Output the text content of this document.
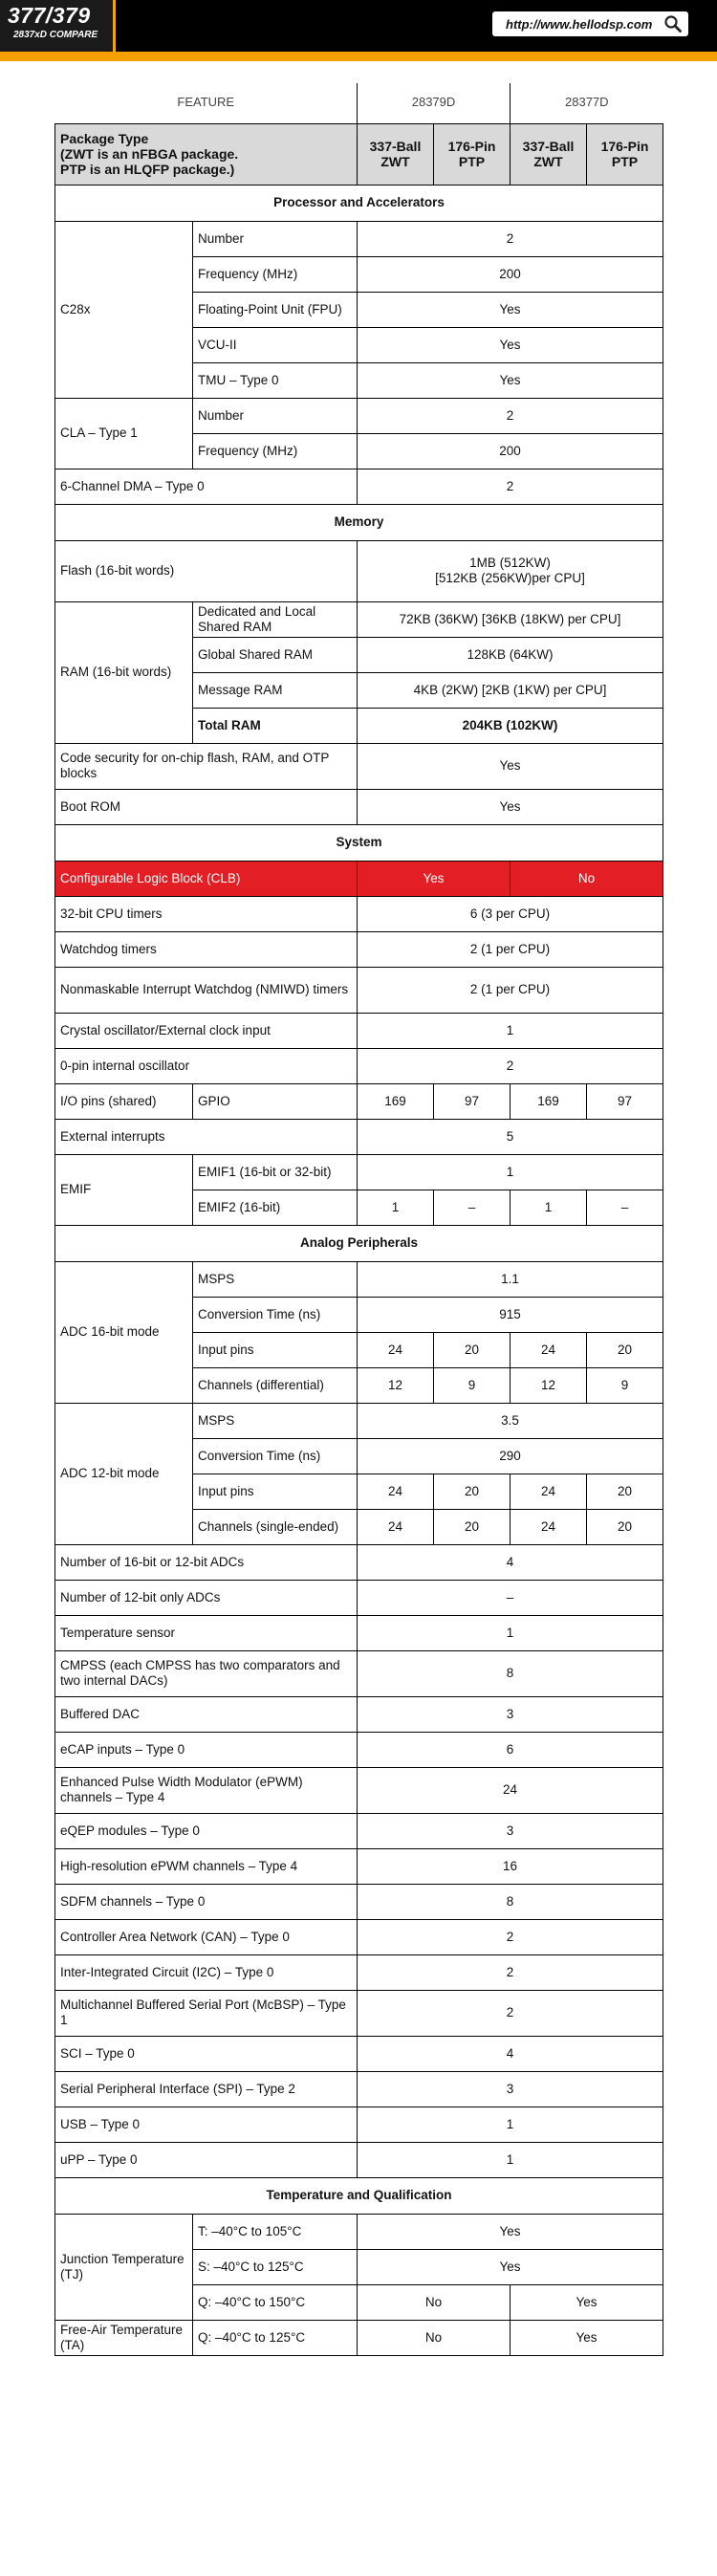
377/379
2837xD COMPARE
http://www.hellodsp.com
FEATURE		28379D		28377D	
Package Type
(ZWT is an nFBGA package.
PTP is an HLQFP package.)		337-Ball ZWT	176-Pin PTP	337-Ball ZWT	176-Pin PTP
Processor and Accelerators					
C28x	Number	2			
	Frequency (MHz)	200			
	Floating-Point Unit (FPU)	Yes			
	VCU-II	Yes			
	TMU – Type 0	Yes			
CLA – Type 1	Number	2			
	Frequency (MHz)	200			
6-Channel DMA – Type 0		2			
Memory					
Flash (16-bit words)		1MB (512KW)
[512KB (256KW)per CPU]			
RAM (16-bit words)	Dedicated and Local Shared RAM	72KB (36KW) [36KB (18KW) per CPU]			
	Global Shared RAM	128KB (64KW)			
	Message RAM	4KB (2KW) [2KB (1KW) per CPU]			
	Total RAM	204KB (102KW)			
Code security for on-chip flash, RAM, and OTP blocks		Yes			
Boot ROM		Yes			
System					
Configurable Logic Block (CLB)		Yes		No	
32-bit CPU timers		6 (3 per CPU)			
Watchdog timers		2 (1 per CPU)			
Nonmaskable Interrupt Watchdog (NMIWD) timers		2 (1 per CPU)			
Crystal oscillator/External clock input		1			
0-pin internal oscillator		2			
I/O pins (shared)	GPIO	169	97	169	97
External interrupts		5			
EMIF	EMIF1 (16-bit or 32-bit)	1			
	EMIF2 (16-bit)	1	–	1	–
Analog Peripherals					
ADC 16-bit mode	MSPS	1.1			
	Conversion Time (ns)	915			
	Input pins	24	20	24	20
	Channels (differential)	12	9	12	9
ADC 12-bit mode	MSPS	3.5			
	Conversion Time (ns)	290			
	Input pins	24	20	24	20
	Channels (single-ended)	24	20	24	20
Number of 16-bit or 12-bit ADCs		4			
Number of 12-bit only ADCs		–			
Temperature sensor		1			
CMPSS (each CMPSS has two comparators and two internal DACs)		8			
Buffered DAC		3			
eCAP inputs – Type 0		6			
Enhanced Pulse Width Modulator (ePWM) channels – Type 4		24			
eQEP modules – Type 0		3			
High-resolution ePWM channels – Type 4		16			
SDFM channels – Type 0		8			
Controller Area Network (CAN) – Type 0		2			
Inter-Integrated Circuit (I2C) – Type 0		2			
Multichannel Buffered Serial Port (McBSP) – Type 1		2			
SCI – Type 0		4			
Serial Peripheral Interface (SPI) – Type 2		3			
USB – Type 0		1			
uPP – Type 0		1			
Temperature and Qualification					
Junction Temperature (TJ)	T: –40°C to 105°C	Yes			
	S: –40°C to 125°C	Yes			
	Q: –40°C to 150°C	No		Yes	
Free-Air Temperature (TA)	Q: –40°C to 125°C	No		Yes	
